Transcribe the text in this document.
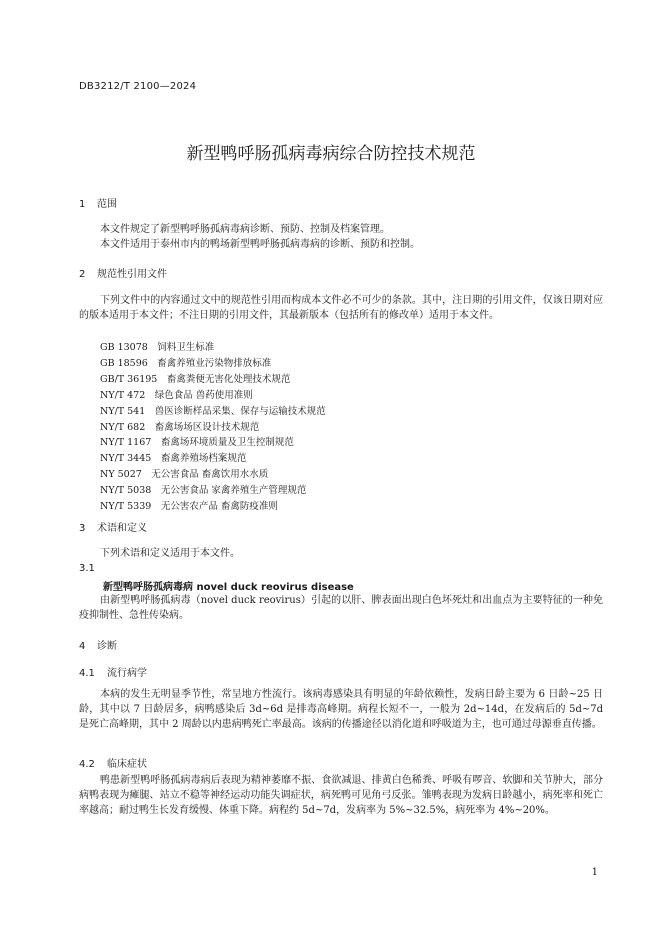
DB3212/T 2100—2024
新型鸭呼肠孤病毒病综合防控技术规范
1 范围
本文件规定了新型鸭呼肠孤病毒病诊断、预防、控制及档案管理。
本文件适用于泰州市内的鸭场新型鸭呼肠孤病毒病的诊断、预防和控制。
2 规范性引用文件
下列文件中的内容通过文中的规范性引用而构成本文件必不可少的条款。其中，注日期的引用文件，仅该日期对应的版本适用于本文件；不注日期的引用文件，其最新版本（包括所有的修改单）适用于本文件。
GB 13078　饲料卫生标准
GB 18596　畜禽养殖业污染物排放标准
GB/T 36195　畜禽粪便无害化处理技术规范
NY/T 472　绿色食品 兽药使用准则
NY/T 541　兽医诊断样品采集、保存与运输技术规范
NY/T 682　畜禽场场区设计技术规范
NY/T 1167　畜禽场环境质量及卫生控制规范
NY/T 3445　畜禽养殖场档案规范
NY 5027　无公害食品 畜禽饮用水水质
NY/T 5038　无公害食品 家禽养殖生产管理规范
NY/T 5339　无公害农产品 畜禽防疫准则
3 术语和定义
下列术语和定义适用于本文件。
3.1
新型鸭呼肠孤病毒病 novel duck reovirus disease
由新型鸭呼肠孤病毒（novel duck reovirus）引起的以肝、脾表面出现白色坏死灶和出血点为主要特征的一种免疫抑制性、急性传染病。
4 诊断
4.1 流行病学
本病的发生无明显季节性，常呈地方性流行。该病毒感染具有明显的年龄依赖性，发病日龄主要为 6 日龄~25 日龄，其中以 7 日龄居多，病鸭感染后 3d~6d 是排毒高峰期。病程长短不一，一般为 2d~14d，在发病后的 5d~7d 是死亡高峰期，其中 2 周龄以内患病鸭死亡率最高。该病的传播途径以消化道和呼吸道为主，也可通过母源垂直传播。
4.2 临床症状
鸭患新型鸭呼肠孤病毒病后表现为精神萎靡不振、食欲减退、排黄白色稀粪、呼吸有啰音、软脚和关节肿大，部分病鸭表现为瘫腿、站立不稳等神经运动功能失调症状，病死鸭可见角弓反张。雏鸭表现为发病日龄越小，病死率和死亡率越高；耐过鸭生长发育缓慢、体重下降。病程约 5d~7d，发病率为 5%~32.5%，病死率为 4%~20%。
1
